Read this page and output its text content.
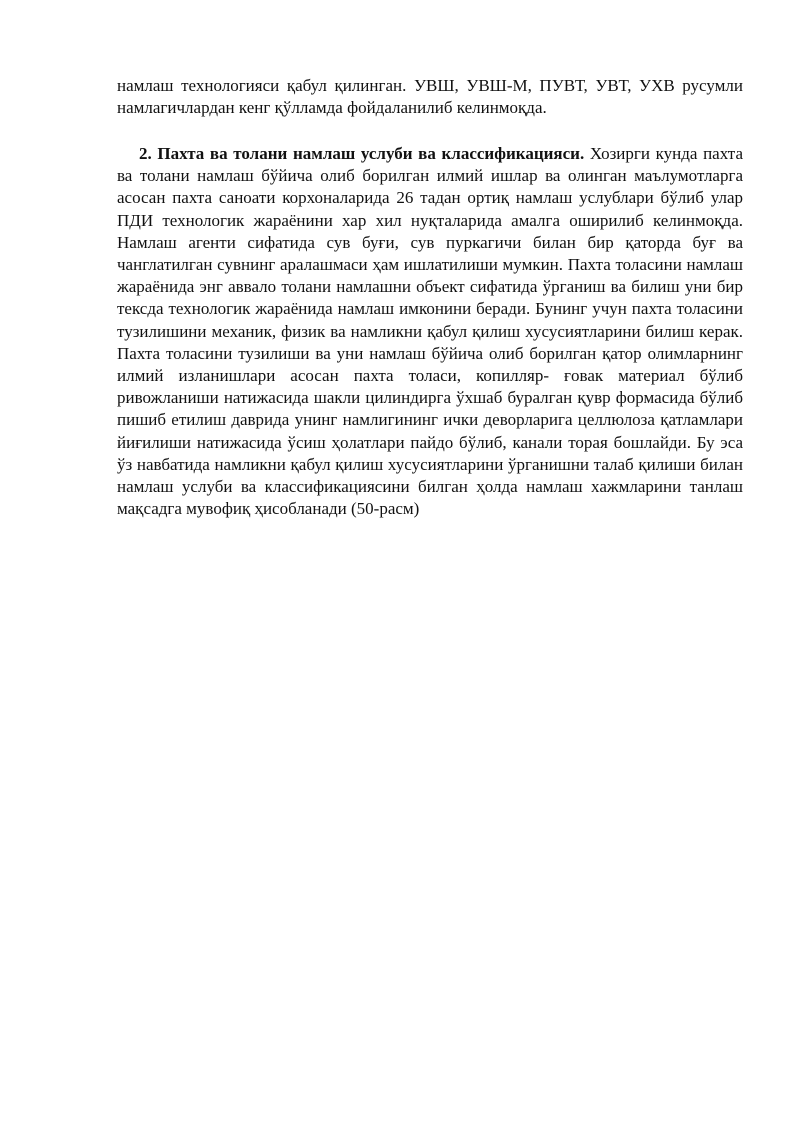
намлаш технологияси қабул қилинган. УВШ, УВШ-М, ПУВТ, УВТ, УХВ русумли намлагичлардан кенг қўлламда фойдаланилиб келинмоқда.

2. Пахта ва толани намлаш услуби ва классификацияси. Хозирги кунда пахта ва толани намлаш бўйича олиб борилган илмий ишлар ва олинган маълумотларга асосан пахта саноати корхоналарида 26 тадан ортиқ намлаш услублари бўлиб улар ПДИ технологик жараёнини хар хил нуқталарида амалга оширилиб келинмоқда. Намлаш агенти сифатида сув буғи, сув пуркагичи билан бир қаторда буғ ва чанглатилган сувнинг аралашмаси ҳам ишлатилиши мумкин. Пахта толасини намлаш жараёнида энг аввало толани намлашни объект сифатида ўрганиш ва билиш уни бир тексда технологик жараёнида намлаш имконини беради. Бунинг учун пахта толасини тузилишини механик, физик ва намликни қабул қилиш хусусиятларини билиш керак. Пахта толасини тузилиши ва уни намлаш бўйича олиб борилган қатор олимларнинг илмий изланишлари асосан пахта толаси, копилляр- ғовак материал бўлиб ривожланиши натижасида шакли цилиндирга ўхшаб буралган қувр формасида бўлиб пишиб етилиш даврида унинг намлигининг ички деворларига целлюлоза қатламлари йиғилиши натижасида ўсиш ҳолатлари пайдо бўлиб, канали торая бошлайди. Бу эса ўз навбатида намликни қабул қилиш хусусиятларини ўрганишни талаб қилиши билан намлаш услуби ва классификациясини билган ҳолда намлаш хажмларини танлаш мақсадга мувофиқ ҳисобланади (50-расм)
